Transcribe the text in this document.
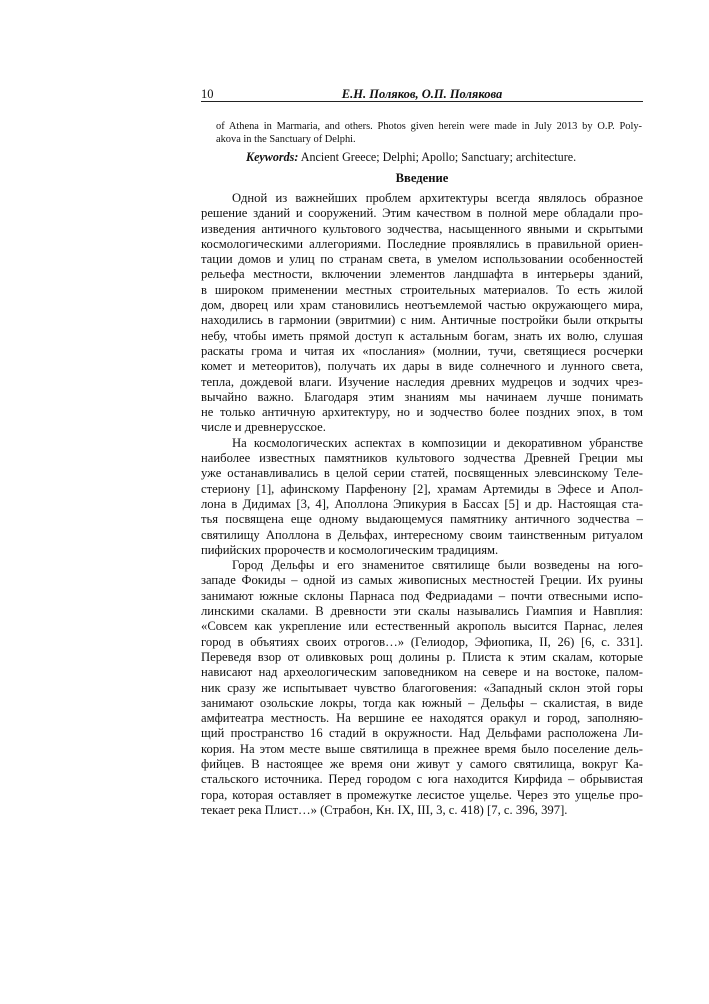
10	Е.Н. Поляков, О.П. Полякова
of Athena in Marmaria, and others. Photos given herein were made in July 2013 by O.P. Poly-
akova in the Sanctuary of Delphi.
Keywords: Ancient Greece; Delphi; Apollo; Sanctuary; architecture.
Введение
Одной из важнейших проблем архитектуры всегда являлось образное
решение зданий и сооружений. Этим качеством в полной мере обладали про-
изведения античного культового зодчества, насыщенного явными и скрытыми
космологическими аллегориями. Последние проявлялись в правильной ориен-
тации домов и улиц по странам света, в умелом использовании особенностей
рельефа местности, включении элементов ландшафта в интерьеры зданий,
в широком применении местных строительных материалов. То есть жилой
дом, дворец или храм становились неотъемлемой частью окружающего мира,
находились в гармонии (эвритмии) с ним. Античные постройки были открыты
небу, чтобы иметь прямой доступ к астальным богам, знать их волю, слушая
раскаты грома и читая их «послания» (молнии, тучи, светящиеся росчерки
комет и метеоритов), получать их дары в виде солнечного и лунного света,
тепла, дождевой влаги. Изучение наследия древних мудрецов и зодчих чрез-
вычайно важно. Благодаря этим знаниям мы начинаем лучше понимать
не только античную архитектуру, но и зодчество более поздних эпох, в том
числе и древнерусское.
На космологических аспектах в композиции и декоративном убранстве
наиболее известных памятников культового зодчества Древней Греции мы
уже останавливались в целой серии статей, посвященных элевсинскому Теле-
стериону [1], афинскому Парфенону [2], храмам Артемиды в Эфесе и Апол-
лона в Дидимах [3, 4], Аполлона Эпикурия в Бассах [5] и др. Настоящая ста-
тья посвящена еще одному выдающемуся памятнику античного зодчества –
святилищу Аполлона в Дельфах, интересному своим таинственным ритуалом
пифийских пророчеств и космологическим традициям.
Город Дельфы и его знаменитое святилище были возведены на юго-
западе Фокиды – одной из самых живописных местностей Греции. Их руины
занимают южные склоны Парнаса под Федриадами – почти отвесными испо-
линскими скалами. В древности эти скалы назывались Гиампия и Навплия:
«Совсем как укрепление или естественный акрополь высится Парнас, лелея
город в объятиях своих отрогов…» (Гелиодор, Эфиопика, II, 26) [6, с. 331].
Переведя взор от оливковых рощ долины р. Плиста к этим скалам, которые
нависают над археологическим заповедником на севере и на востоке, палом-
ник сразу же испытывает чувство благоговения: «Западный склон этой горы
занимают озольские локры, тогда как южный – Дельфы – скалистая, в виде
амфитеатра местность. На вершине ее находятся оракул и город, заполняю-
щий пространство 16 стадий в окружности. Над Дельфами расположена Ли-
кория. На этом месте выше святилища в прежнее время было поселение дель-
фийцев. В настоящее же время они живут у самого святилища, вокруг Ка-
стальского источника. Перед городом с юга находится Кирфида – обрывистая
гора, которая оставляет в промежутке лесистое ущелье. Через это ущелье про-
текает река Плист…» (Страбон, Кн. IX, III, 3, с. 418) [7, с. 396, 397].
